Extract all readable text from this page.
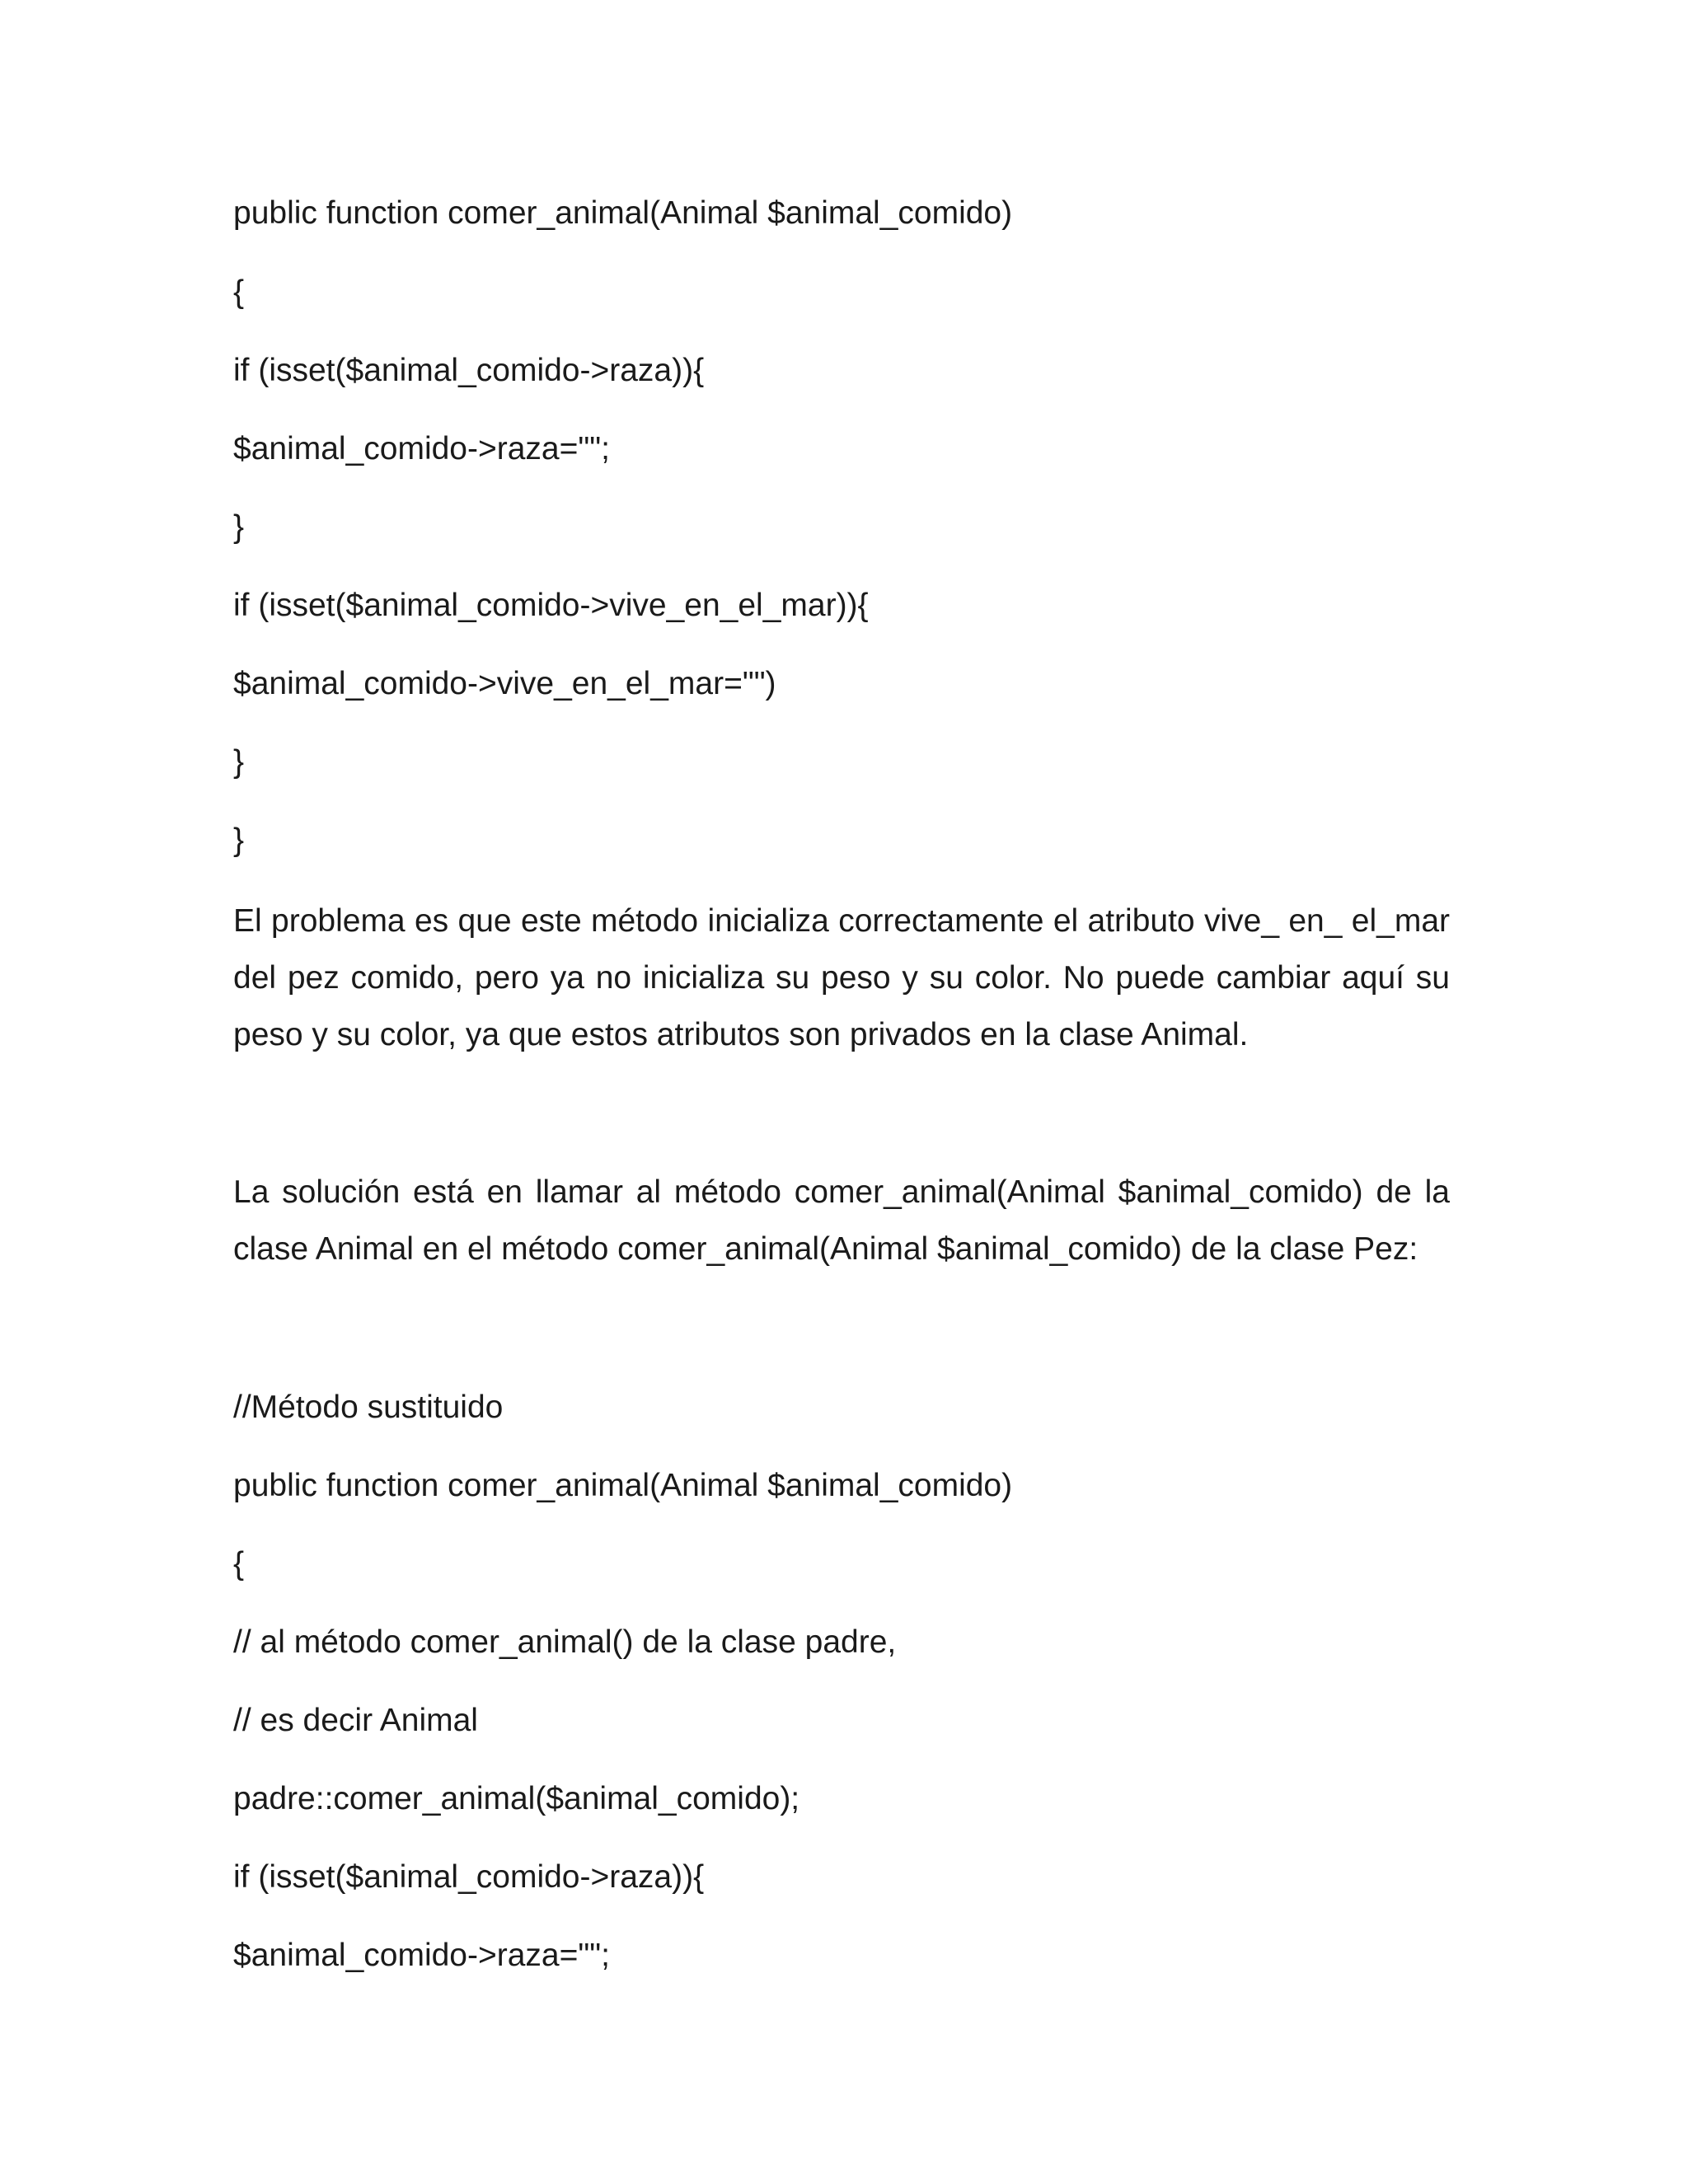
public function comer_animal(Animal $animal_comido)
{
if (isset($animal_comido->raza)){
$animal_comido->raza="";
}
if (isset($animal_comido->vive_en_el_mar)){
$animal_comido->vive_en_el_mar="")
}
}
El problema es que este método inicializa correctamente el atributo vive_ en_ el_mar del pez comido, pero ya no inicializa su peso y su color. No puede cambiar aquí su peso y su color, ya que estos atributos son privados en la clase Animal.
La solución está en llamar al método comer_animal(Animal $animal_comido) de la clase Animal en el método comer_animal(Animal $animal_comido) de la clase Pez:
//Método sustituido
public function comer_animal(Animal $animal_comido)
{
// al método comer_animal() de la clase padre,
// es decir Animal
padre::comer_animal($animal_comido);
if (isset($animal_comido->raza)){
$animal_comido->raza="";
